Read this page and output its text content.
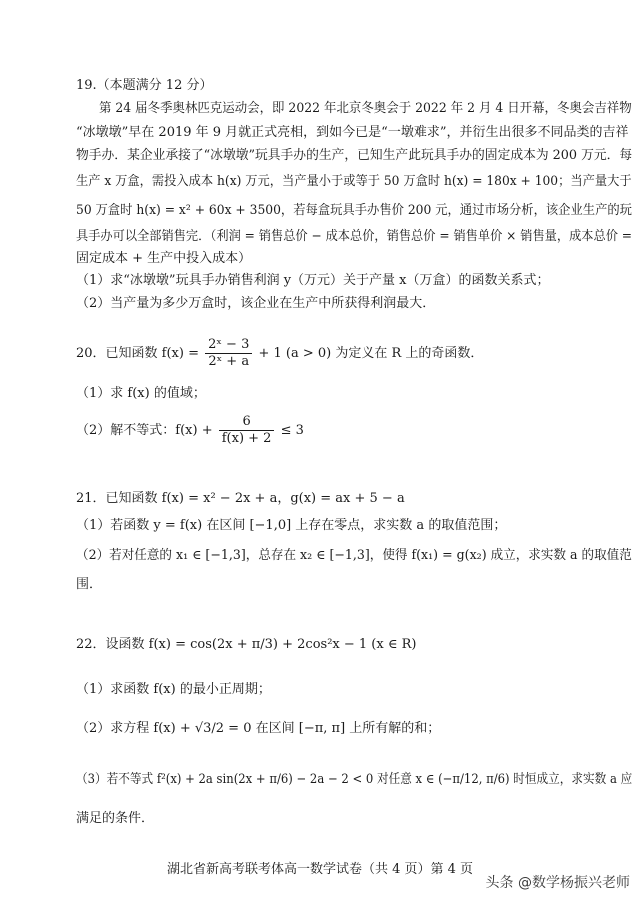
19.（本题满分 12 分）
第 24 届冬季奥林匹克运动会，即 2022 年北京冬奥会于 2022 年 2 月 4 日开幕，冬奥会吉祥物
“冰墩墩”早在 2019 年 9 月就正式亮相，到如今已是“一墩难求”，并衍生出很多不同品类的吉祥
物手办．某企业承接了“冰墩墩”玩具手办的生产，已知生产此玩具手办的固定成本为 200 万元．每
生产 x 万盒，需投入成本 h(x) 万元，当产量小于或等于 50 万盒时 h(x) = 180x + 100；当产量大于
50 万盒时 h(x) = x² + 60x + 3500，若每盒玩具手办售价 200 元，通过市场分析，该企业生产的玩
具手办可以全部销售完．（利润 = 销售总价 − 成本总价，销售总价 = 销售单价 × 销售量，成本总价 =
固定成本 + 生产中投入成本）
（1）求“冰墩墩”玩具手办销售利润 y（万元）关于产量 x（万盒）的函数关系式；
（2）当产量为多少万盒时，该企业在生产中所获得利润最大．
20．已知函数 $f(x) = \frac{\text{2ˣ − 3}}{\text{2ˣ + a}} + 1$ (a > 0) 为定义在 R 上的奇函数．
（1）求 f(x) 的值域；
（2）解不等式：$f(x) + \frac{6}{f(x) + 2} \le 3$
21．已知函数 f(x) = x² − 2x + a，g(x) = ax + 5 − a
（1）若函数 y = f(x) 在区间 [−1,0] 上存在零点，求实数 a 的取值范围；
（2）若对任意的 x₁ ∈ [−1,3]，总存在 x₂ ∈ [−1,3]，使得 f(x₁) = g(x₂) 成立，求实数 a 的取值范
围．
22．设函数 f(x) = cos(2x + π/3) + 2cos²x − 1 (x ∈ R)
（1）求函数 f(x) 的最小正周期；
（2）求方程 f(x) + √3/2 = 0 在区间 [−π, π] 上所有解的和；
（3）若不等式 f²(x) + 2a sin(2x + π/6) − 2a − 2 < 0 对任意 x ∈ (−π/12, π/6) 时恒成立，求实数 a 应
满足的条件．
湖北省新高考联考体高一数学试卷（共 4 页）第 4 页
头条 @数学杨振兴老师
